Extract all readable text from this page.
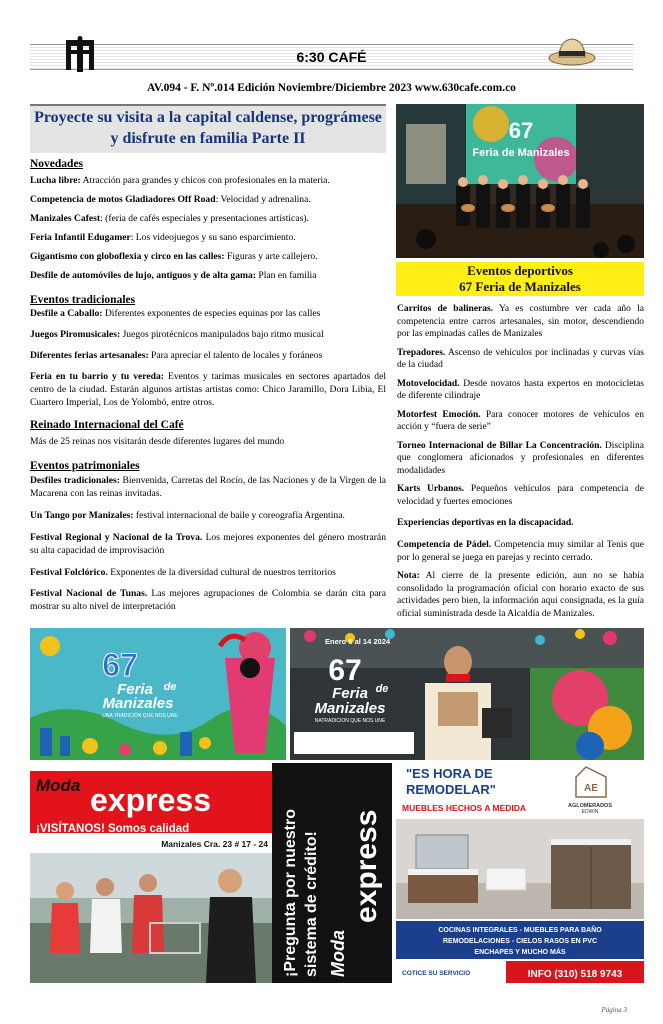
6:30 CAFÉ
AV.094 - F. Nº.014 Edición Noviembre/Diciembre 2023 www.630cafe.com.co
Proyecte su visita a la capital caldense, prográmese y disfrute en familia Parte II
Novedades
Lucha libre: Atracción para grandes y chicos con profesionales en la materia.
Competencia de motos Gladiadores Off Road: Velocidad y adrenalina.
Manizales Cafest: (feria de cafés especiales y presentaciones artísticas).
Feria Infantil Edugamer: Los videojuegos y su sano esparcimiento.
Gigantismo con globoflexia y circo en las calles: Figuras y arte callejero.
Desfile de automóviles de lujo, antiguos y de alta gama: Plan en familia
Eventos tradicionales
Desfile a Caballo: Diferentes exponentes de especies equinas por las calles
Juegos Piromusicales: Juegos pirotécnicos manipulados bajo ritmo musical
Diferentes ferias artesanales: Para apreciar el talento de locales y foráneos
Feria en tu barrio y tu vereda: Eventos y tarimas musicales en sectores apartados del centro de la ciudad. Estarán algunos artistas artistas como: Chico Jaramillo, Dora Libia, El Cuartero Imperial, Los de Yolombó, entre otros.
Reinado Internacional del Café
Más de 25 reinas nos visitarán desde diferentes lugares del mundo
Eventos patrimoniales
Desfiles tradicionales: Bienvenida, Carretas del Rocío, de las Naciones y de la Virgen de la Macarena con las reinas invitadas.
Un Tango por Manizales: festival internacional de baile y coreografía Argentina.
Festival Regional y Nacional de la Trova. Los mejores exponentes del género mostrarán su alta capacidad de improvisación
Festival Folclórico. Exponentes de la diversidad cultural de nuestros territorios
Festival Nacional de Tunas. Las mejores agrupaciones de Colombia se darán cita para mostrar su alto nivel de interpretación
67
Feria de Manizales
Eventos deportivos
67 Feria de Manizales
Carritos de balineras. Ya es costumbre ver cada año la competencia entre carros artesanales, sin motor, descendiendo por las empinadas calles de Manizales
Trepadores. Ascenso de vehículos por inclinadas y curvas vías de la ciudad
Motovelocidad. Desde novatos hasta expertos en motocicletas de diferente cilindraje
Motorfest Emoción. Para conocer motores de vehículos en acción y “fuera de serie”
Torneo Internacional de Billar La Concentración. Disciplina que conglomera aficionados y profesionales en diferentes modalidades
Karts Urbanos. Pequeños vehículos para competencia de velocidad y fuertes emociones
Experiencias deportivas en la discapacidad.
Competencia de Pádel. Competencia muy similar al Tenis que por lo general se juega en parejas y recinto cerrado.
Nota: Al cierre de la presente edición, aun no se había consolidado la programación oficial con horario exacto de sus actividades pero bien, la información aquí consignada, es la guía oficial suministrada desde la Alcaldía de Manizales.
67
Feria de
Manizales
UNA TRADICIÓN QUE NOS UNE
Enero 5 al 14 2024
67
Feria de
Manizales
NATRADICION QUE NOS UNE
Moda express
¡VISÍTANOS! Somos calidad
Manizales Cra. 23 # 17 - 24 ¡Pregunta por nuestro sistema de crédito! Moda
express
"ES HORA DE
REMODELAR"
MUEBLES HECHOS A MEDIDA
AE
AGLOMERADOS
EDWIN
COCINAS INTEGRALES - MUEBLES PARA BAÑO
REMODELACIONES - CIELOS RASOS EN PVC
ENCHAPES Y MUCHO MÁS
COTICE SU SERVICIO	INFO (310) 518 9743
Página 3
